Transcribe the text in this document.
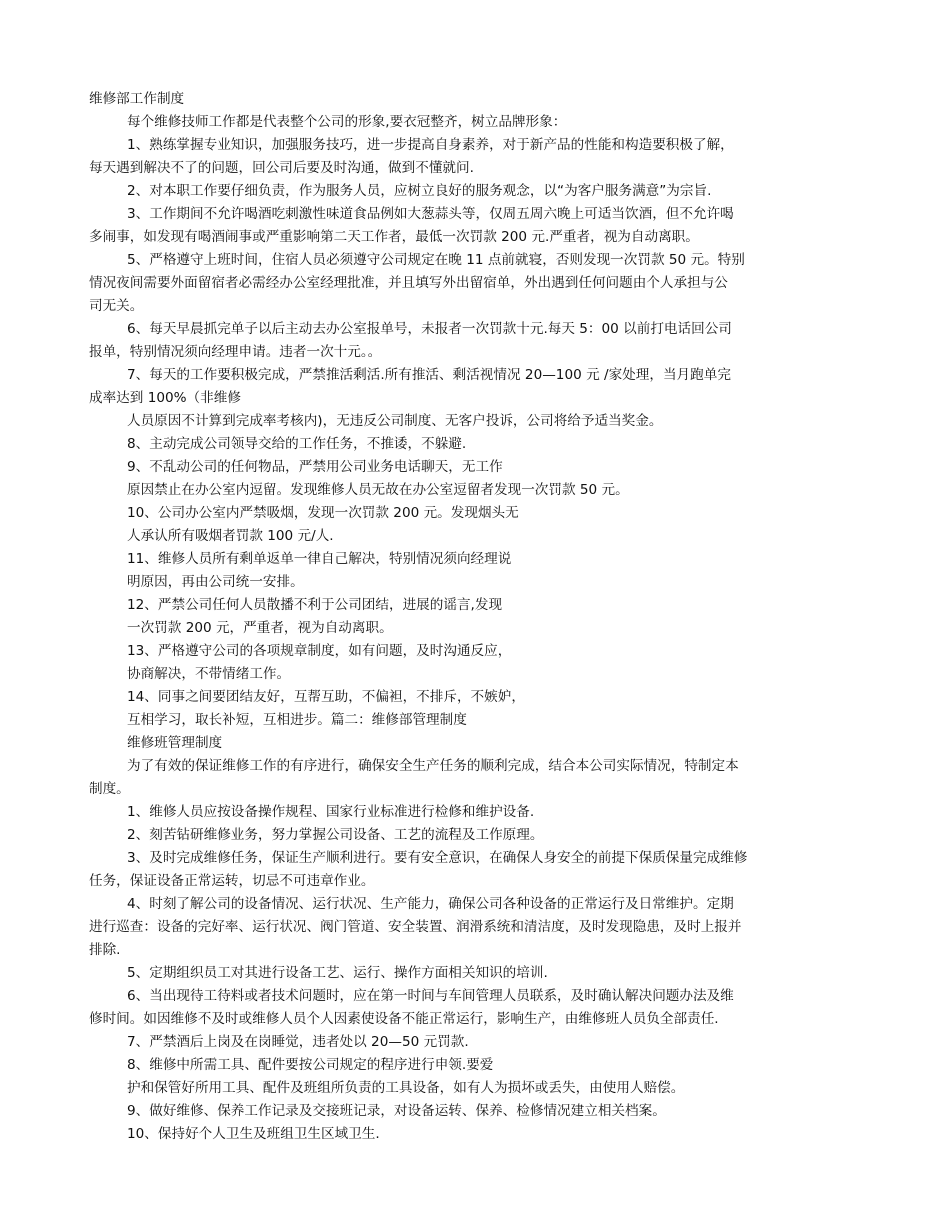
维修部工作制度
每个维修技师工作都是代表整个公司的形象,要衣冠整齐，树立品牌形象：
1、熟练掌握专业知识，加强服务技巧，进一步提高自身素养，对于新产品的性能和构造要积极了解，
每天遇到解决不了的问题，回公司后要及时沟通，做到不懂就问.
2、对本职工作要仔细负责，作为服务人员，应树立良好的服务观念，以“为客户服务满意”为宗旨.
3、工作期间不允许喝酒吃刺激性味道食品例如大葱蒜头等，仅周五周六晚上可适当饮酒，但不允许喝
多闹事，如发现有喝酒闹事或严重影响第二天工作者，最低一次罚款 200 元.严重者，视为自动离职。
5、严格遵守上班时间，住宿人员必须遵守公司规定在晚 11 点前就寝，否则发现一次罚款 50 元。特别
情况夜间需要外面留宿者必需经办公室经理批准，并且填写外出留宿单，外出遇到任何问题由个人承担与公
司无关。
6、每天早晨抓完单子以后主动去办公室报单号，未报者一次罚款十元.每天 5：00 以前打电话回公司
报单，特别情况须向经理申请。违者一次十元。。
7、每天的工作要积极完成，严禁推活剩活.所有推活、剩活视情况 20—100 元 /家处理，当月跑单完
成率达到 100%（非维修
人员原因不计算到完成率考核内)，无违反公司制度、无客户投诉，公司将给予适当奖金。
8、主动完成公司领导交给的工作任务，不推诿，不躲避.
9、不乱动公司的任何物品，严禁用公司业务电话聊天，无工作
原因禁止在办公室内逗留。发现维修人员无故在办公室逗留者发现一次罚款 50 元。
10、公司办公室内严禁吸烟，发现一次罚款 200 元。发现烟头无
人承认所有吸烟者罚款 100 元/人.
11、维修人员所有剩单返单一律自己解决，特别情况须向经理说
明原因，再由公司统一安排。
12、严禁公司任何人员散播不利于公司团结，进展的谣言,发现
一次罚款 200 元，严重者，视为自动离职。
13、严格遵守公司的各项规章制度，如有问题，及时沟通反应，
协商解决，不带情绪工作。
14、同事之间要团结友好，互帮互助，不偏袒，不排斥，不嫉妒，
互相学习，取长补短，互相进步。篇二：维修部管理制度
维修班管理制度
为了有效的保证维修工作的有序进行，确保安全生产任务的顺利完成，结合本公司实际情况，特制定本
制度。
1、维修人员应按设备操作规程、国家行业标准进行检修和维护设备.
2、刻苦钻研维修业务，努力掌握公司设备、工艺的流程及工作原理。
3、及时完成维修任务，保证生产顺利进行。要有安全意识，在确保人身安全的前提下保质保量完成维修
任务，保证设备正常运转，切忌不可违章作业。
4、时刻了解公司的设备情况、运行状况、生产能力，确保公司各种设备的正常运行及日常维护。定期
进行巡查：设备的完好率、运行状况、阀门管道、安全装置、润滑系统和清洁度，及时发现隐患，及时上报并
排除.
5、定期组织员工对其进行设备工艺、运行、操作方面相关知识的培训.
6、当出现待工待料或者技术问题时，应在第一时间与车间管理人员联系，及时确认解决问题办法及维
修时间。如因维修不及时或维修人员个人因素使设备不能正常运行，影响生产，由维修班人员负全部责任.
7、严禁酒后上岗及在岗睡觉，违者处以 20—50 元罚款.
8、维修中所需工具、配件要按公司规定的程序进行申领.要爱
护和保管好所用工具、配件及班组所负责的工具设备，如有人为损坏或丢失，由使用人赔偿。
9、做好维修、保养工作记录及交接班记录，对设备运转、保养、检修情况建立相关档案。
10、保持好个人卫生及班组卫生区域卫生.
